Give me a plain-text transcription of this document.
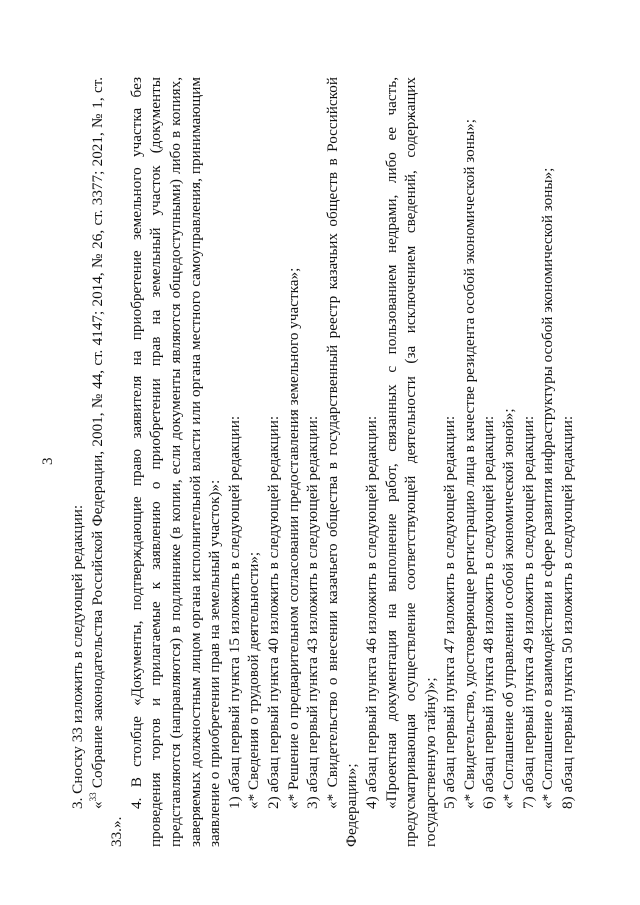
3

3. Сноску 33 изложить в следующей редакции: «$^{33}$ Собрание законодательства Российской Федерации, 2001, № 44, ст. 4147; 2014, № 26, ст. 3377; 2021, № 1, ст. 33.».

4. В столбце «Документы, подтверждающие право заявителя на приобретение земельного участка без проведения торгов и прилагаемые к заявлению о приобретении прав на земельный участок (документы представляются (направляются) в подлиннике (в копии, если документы являются общедоступными) либо в копиях, заверяемых должностным лицом органа исполнительной власти или органа местного самоуправления, принимающим заявление о приобретении прав на земельный участок)»: 1) абзац первый пункта 15 изложить в следующей редакции: «* Сведения о трудовой деятельности»; 2) абзац первый пункта 40 изложить в следующей редакции: «* Решение о предварительном согласовании предоставления земельного участка»; 3) абзац первый пункта 43 изложить в следующей редакции: «* Свидетельство о внесении казачьего общества в государственный реестр казачьих обществ в Российской Федерации»; 4) абзац первый пункта 46 изложить в следующей редакции: «Проектная документация на выполнение работ, связанных с пользованием недрами, либо ее часть, предусматривающая осуществление соответствующей деятельности (за исключением сведений, содержащих государственную тайну)»; 5) абзац первый пункта 47 изложить в следующей редакции: «* Свидетельство, удостоверяющее регистрацию лица в качестве резидента особой экономической зоны»; 6) абзац первый пункта 48 изложить в следующей редакции: «* Соглашение об управлении особой экономической зоной»; 7) абзац первый пункта 49 изложить в следующей редакции: «* Соглашение о взаимодействии в сфере развития инфраструктуры особой экономической зоны»; 8) абзац первый пункта 50 изложить в следующей редакции:
